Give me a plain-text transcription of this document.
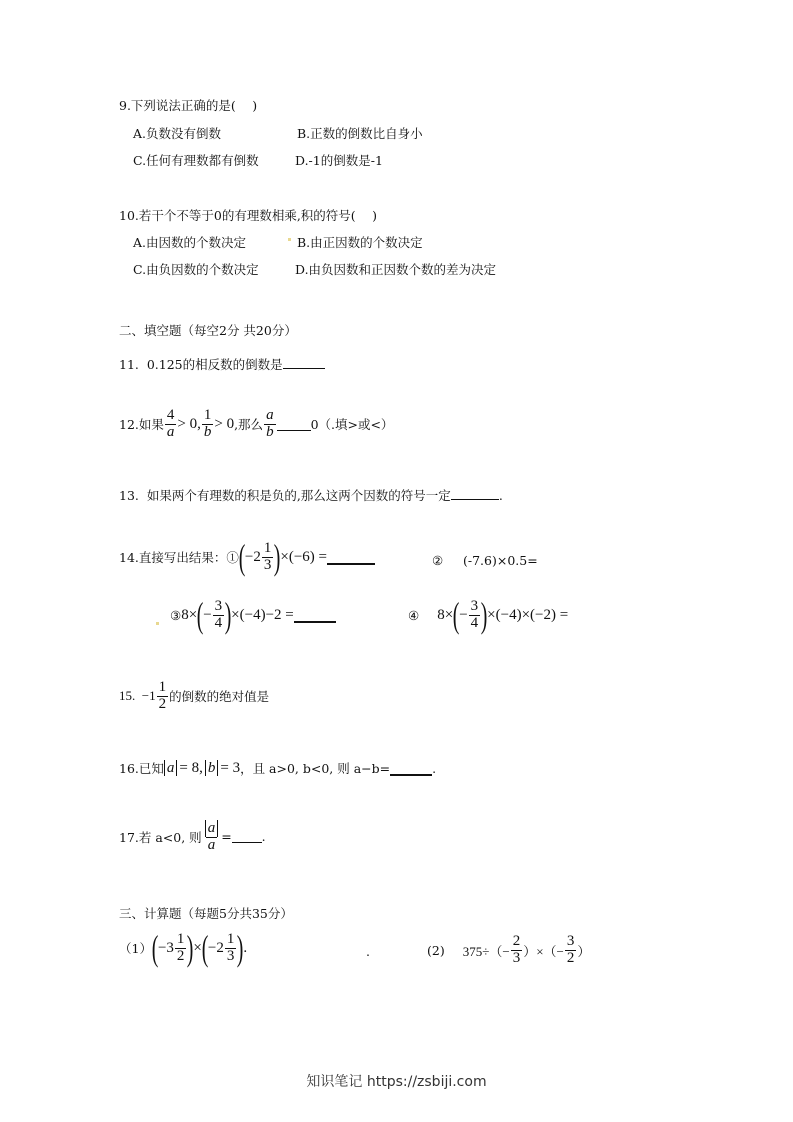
9.下列说法正确的是(　 )
A.负数没有倒数	B.正数的倒数比自身小
C.任何有理数都有倒数	D.-1的倒数是-1
10.若干个不等于0的有理数相乘,积的符号(　 )
A.由因数的个数决定	B.由正因数的个数决定
C.由负因数的个数决定	D.由负因数和正因数个数的差为决定
二、填空题（每空2分 共20分）
11.  0.125的相反数的倒数是
12.如果 $\frac{4}{a} > 0$, $\frac{1}{b} > 0$ ,那么 $\frac{a}{b}$	0（.填>或<）
13.  如果两个有理数的积是负的,那么这两个因数的符号一定	.
14.直接写出结果：① ( $-2 \frac{1}{3}$ ) ×(−6) =	② (-7.6)×0.5=
③ 8× ( − $\frac{3}{4}$ ) ×(−4)−2 =	④ 8× ( − $\frac{3}{4}$ ) ×(−4)×(−2) =
15.  $-1 \frac{1}{2}$ 的倒数的绝对值是
16.已知 a = 8, b = 3 ，且 a>0, b<0, 则 a−b=	.
17.若 a<0, 则 $\frac{a}{a}$ = .
三、计算题（每题5分共35分）
（1） ( $-3 \frac{1}{2}$ ) × ( $-2 \frac{1}{3}$ ) .	.	(2) $375\div(- \frac{2}{3}$ ）×（− $\frac{3}{2}$ ）
知识笔记 https://zsbiji.com
